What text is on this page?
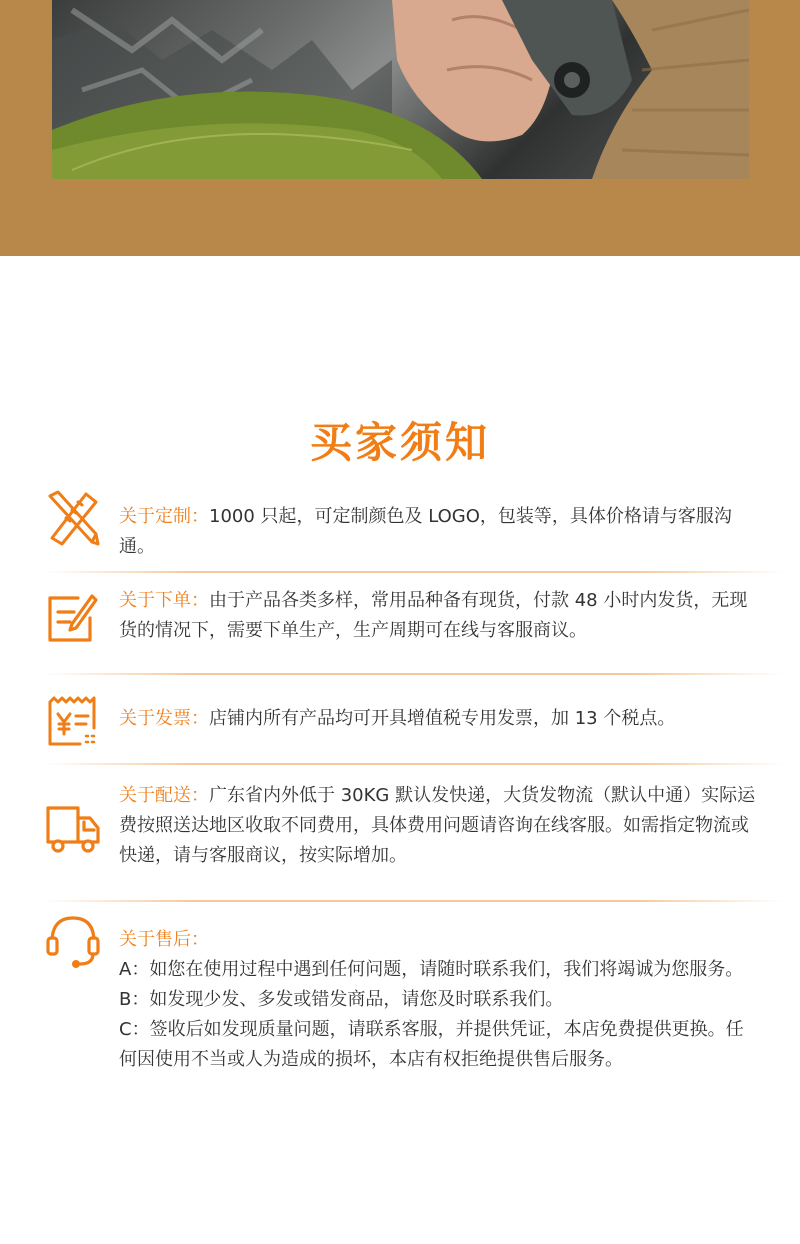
买家须知
关于定制：1000 只起，可定制颜色及 LOGO，包装等，具体价格请与客服沟通。
关于下单：由于产品各类多样，常用品种备有现货，付款 48 小时内发货，无现货的情况下，需要下单生产，生产周期可在线与客服商议。
关于发票：店铺内所有产品均可开具增值税专用发票，加 13 个税点。
关于配送：广东省内外低于 30KG 默认发快递，大货发物流（默认中通）实际运费按照送达地区收取不同费用，具体费用问题请咨询在线客服。如需指定物流或快递，请与客服商议，按实际增加。

关于售后：

A：如您在使用过程中遇到任何问题，请随时联系我们，我们将竭诚为您服务。

B：如发现少发、多发或错发商品，请您及时联系我们。

C：签收后如发现质量问题，请联系客服，并提供凭证，本店免费提供更换。任何因使用不当或人为造成的损坏，本店有权拒绝提供售后服务。
